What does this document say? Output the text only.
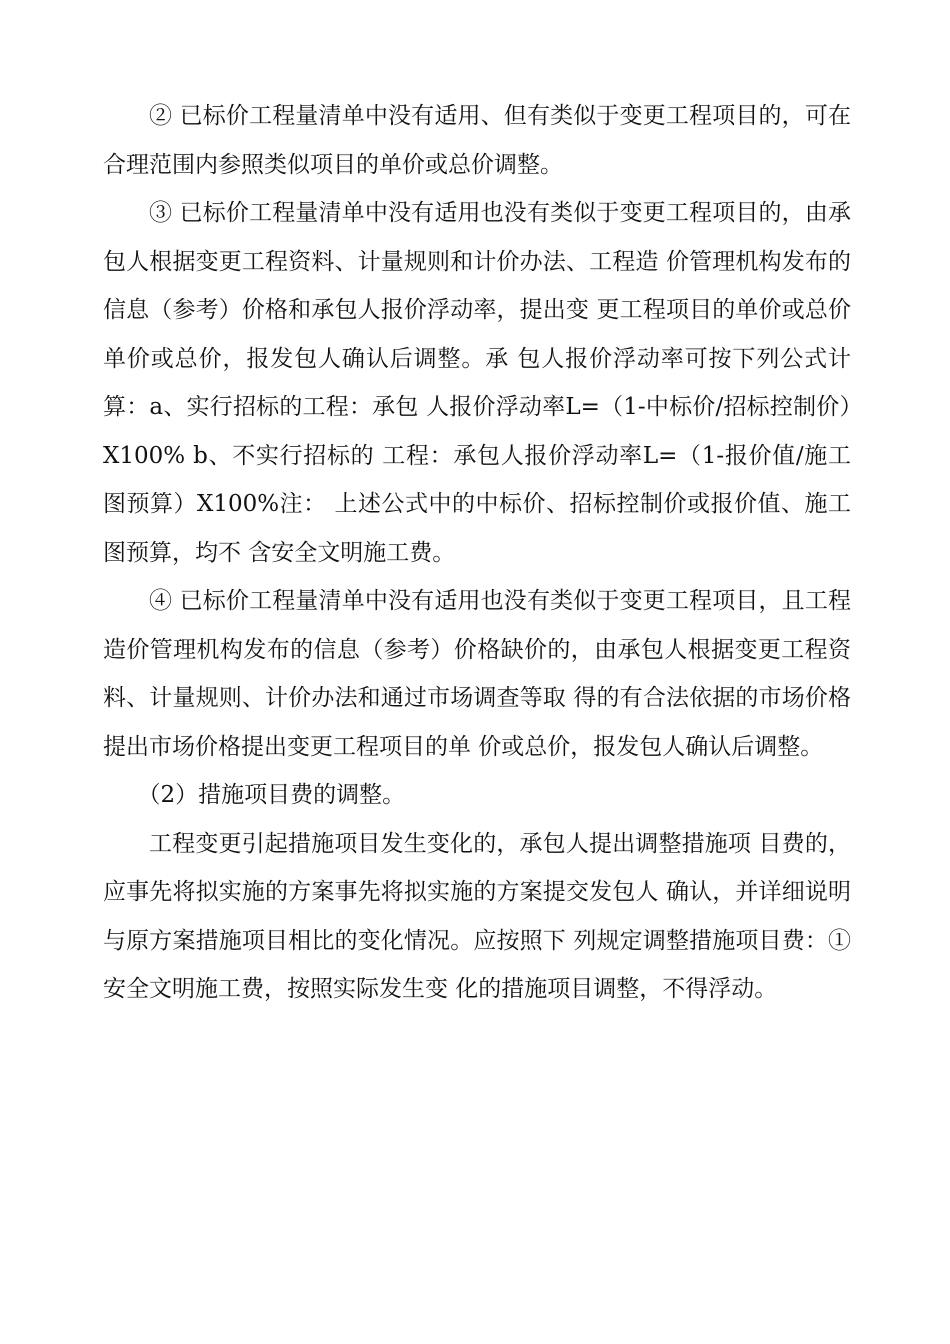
② 已标价工程量清单中没有适用、但有类似于变更工程项目的，可在合理范围内参照类似项目的单价或总价调整。

③ 已标价工程量清单中没有适用也没有类似于变更工程项目的，由承包人根据变更工程资料、计量规则和计价办法、工程造 价管理机构发布的信息（参考）价格和承包人报价浮动率，提出变 更工程项目的单价或总价单价或总价，报发包人确认后调整。承 包人报价浮动率可按下列公式计算：a、实行招标的工程：承包 人报价浮动率L=（1-中标价/招标控制价）X100% b、不实行招标的 工程：承包人报价浮动率L=（1-报价值/施工图预算）X100%注： 上述公式中的中标价、招标控制价或报价值、施工图预算，均不 含安全文明施工费。

④ 已标价工程量清单中没有适用也没有类似于变更工程项目，且工程造价管理机构发布的信息（参考）价格缺价的，由承包人根据变更工程资料、计量规则、计价办法和通过市场调查等取 得的有合法依据的市场价格提出市场价格提出变更工程项目的单 价或总价，报发包人确认后调整。

（2）措施项目费的调整。

工程变更引起措施项目发生变化的，承包人提出调整措施项 目费的，应事先将拟实施的方案事先将拟实施的方案提交发包人 确认，并详细说明与原方案措施项目相比的变化情况。应按照下 列规定调整措施项目费：①安全文明施工费，按照实际发生变 化的措施项目调整，不得浮动。
